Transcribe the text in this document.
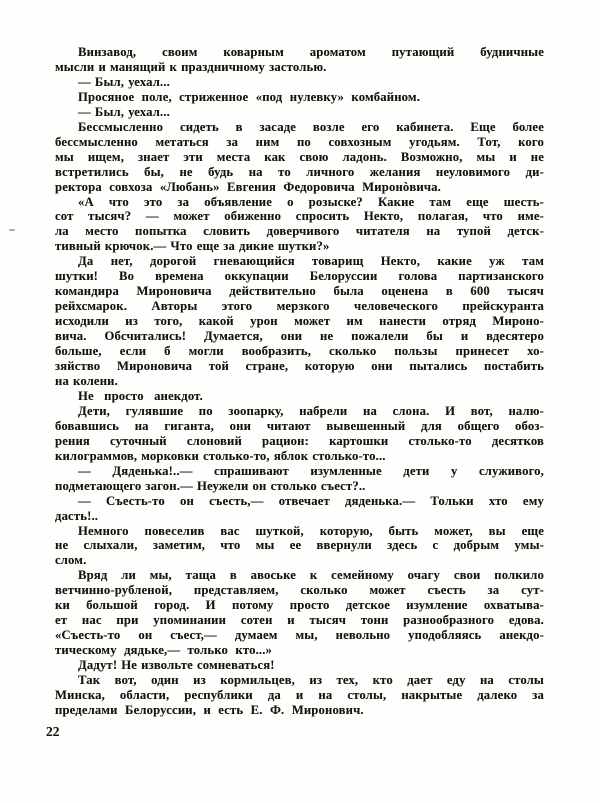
Винзавод, своим коварным ароматом путающий будничные
мысли и манящий к праздничному застолью.
— Был, уехал...
Просяное поле, стриженное «под нулевку» комбайном.
— Был, уехал...
Бессмысленно сидеть в засаде возле его кабинета. Еще более
бессмысленно метаться за ним по совхозным угодьям. Тот, кого
мы ищем, знает эти места как свою ладонь. Возможно, мы и не
встретились бы, не будь на то личного желания неуловимого ди-
ректора совхоза «Любань» Евгения Федоровича Миронòвича.
«А что это за объявление о розыске? Какие там еще шесть-
сот тысяч? — может обиженно спросить Некто, полагая, что име-
ла место попытка словить доверчивого читателя на тупой детск-
тивный крючок.— Что еще за дикие шутки?»
Да нет, дорогой гневающийся товарищ Некто, какие уж там
шутки! Во времена оккупации Белоруссии голова партизанского
командира Мироновича действительно была оценена в 600 тысяч
рейхсмарок. Авторы этого мерзкого человеческого прейскуранта
исходили из того, какой урон может им нанести отряд Мироно-
вича. Обсчитались! Думается, они не пожалели бы и вдесятеро
больше, если б могли вообразить, сколько пользы принесет хо-
зяйство Мироновича той стране, которую они пытались постабить
на колени.
Не просто анекдот.
Дети, гулявшие по зоопарку, набрели на слона. И вот, налю-
бовавшись на гиганта, они читают вывешенный для общего обоз-
рения суточный слоновий рацион: картошки столько-то десятков
килограммов, морковки столько-то, яблок столько-то...
— Дяденька!..— спрашивают изумленные дети у служивого,
подметающего загон.— Неужели он столько съест?..
— Съесть-то он съесть,— отвечает дяденька.— Тольки хто ему
дасть!..
Немного повеселив вас шуткой, которую, быть может, вы еще
не слыхали, заметим, что мы ее ввернули здесь с добрым умы-
слом.
Вряд ли мы, таща в авоське к семейному очагу свои полкило
ветчинно-рубленой, представляем, сколько может съесть за сут-
ки большой город. И потому просто детское изумление охватыва-
ет нас при упоминании сотен и тысяч тонн разнообразного едова.
«Съесть-то он съест,— думаем мы, невольно уподобляясь анекдо-
тическому дядьке,— только кто...»
Дадут! Не извольте сомневаться!
Так вот, один из кормильцев, из тех, кто дает еду на столы
Минска, области, республики да и на столы, накрытые далеко за
пределами Белоруссии, и есть Е. Ф. Миронович.
22
